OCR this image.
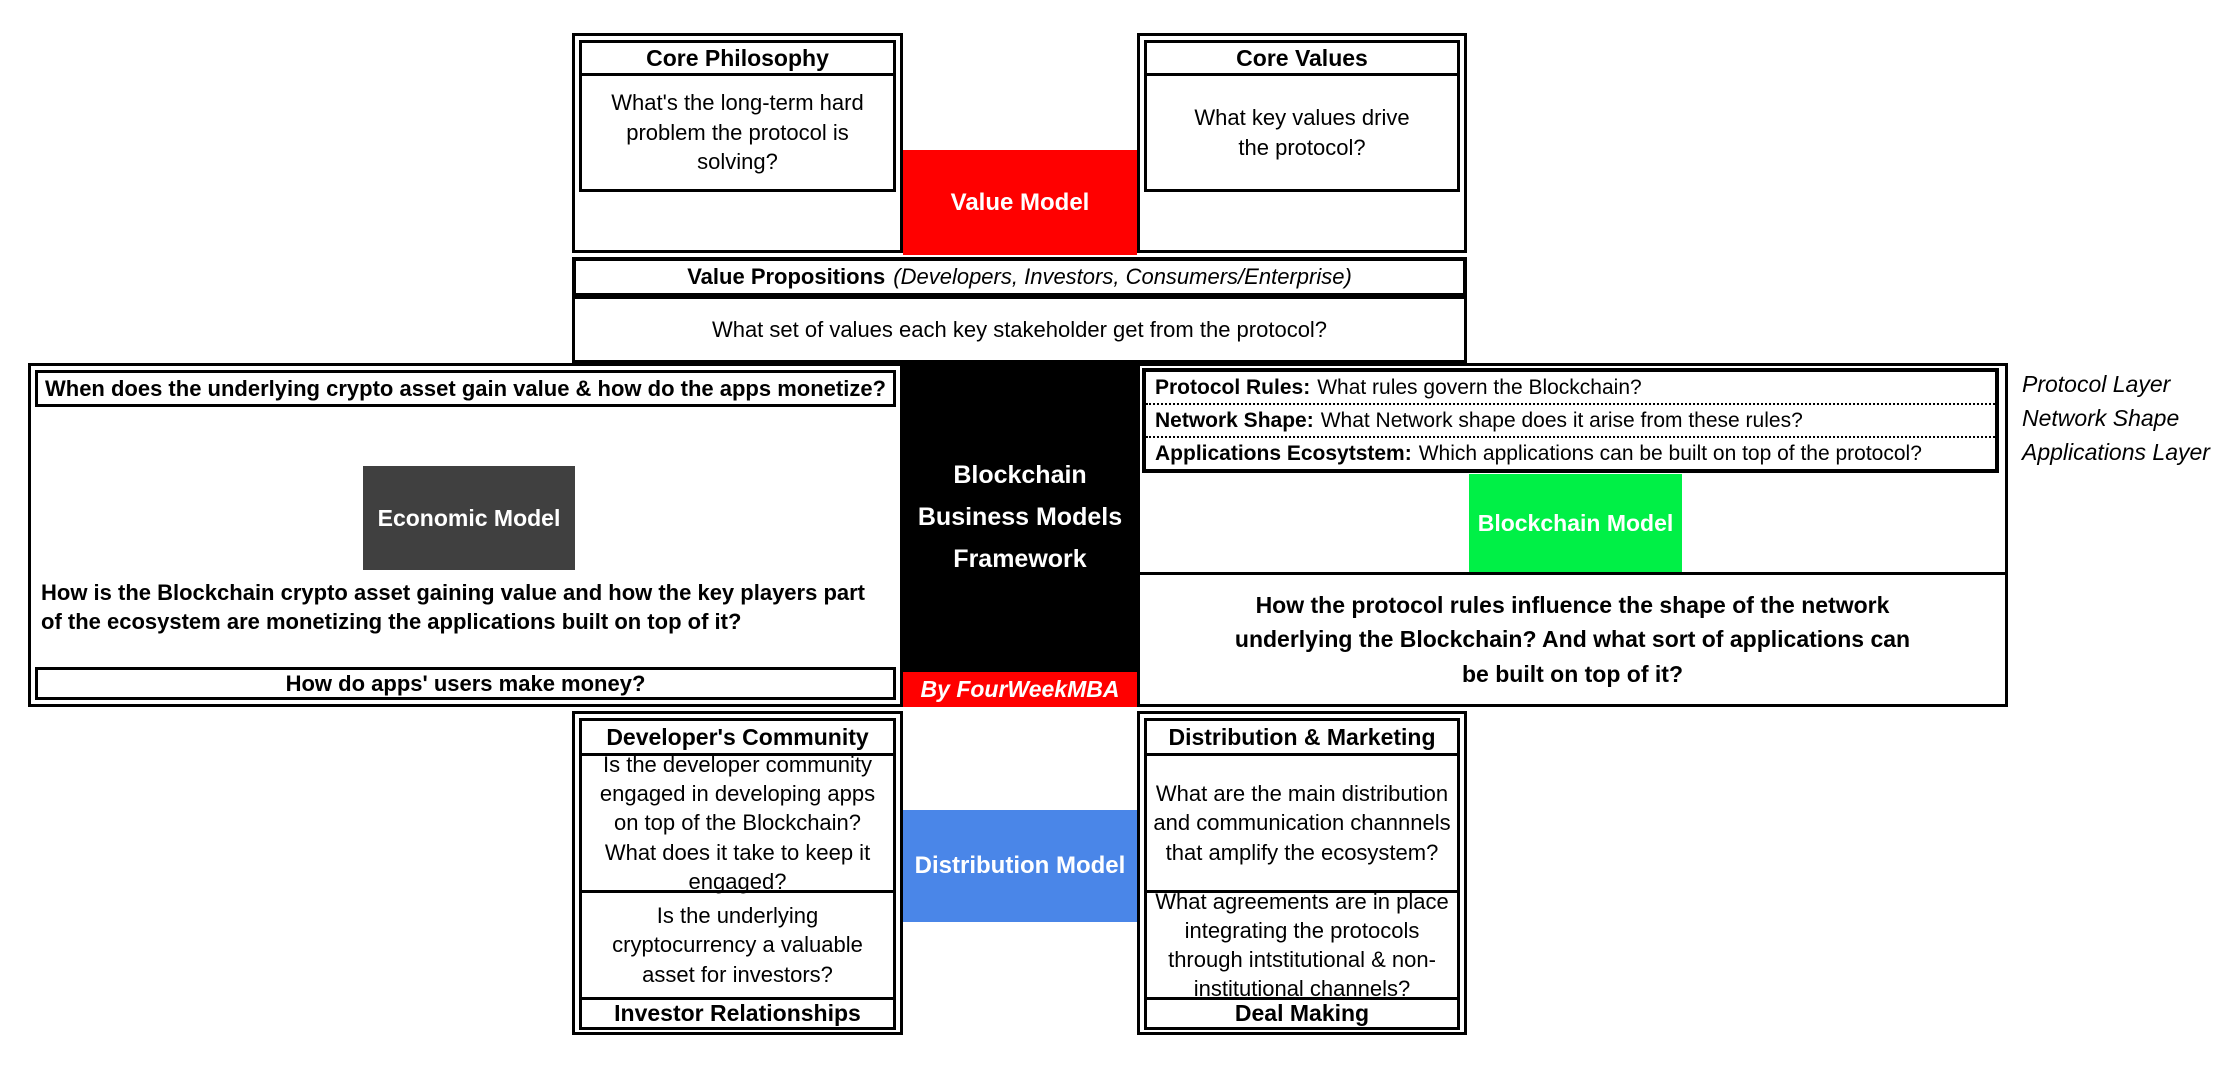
Core Philosophy
What's the long-term hard problem the protocol is solving?
Value Model
Core Values
What key values drive the protocol?
Value Propositions (Developers, Investors, Consumers/Enterprise)
What set of values each key stakeholder get from the protocol?
When does the underlying crypto asset gain value & how do the apps monetize?
Economic Model
How is the Blockchain crypto asset gaining value and how the key players part of the ecosystem are monetizing the applications built on top of it?
How do apps' users make money?
Blockchain
Business Models
Framework
By FourWeekMBA
Protocol Rules: What rules govern the Blockchain?
Network Shape: What Network shape does it arise from these rules?
Applications Ecosytstem: Which applications can be built on top of the protocol?
Blockchain Model
How the protocol rules influence the shape of the network underlying the Blockchain? And what sort of applications can be built on top of it?
Protocol Layer
Network Shape
Applications Layer
Developer's Community
Is the developer community engaged in developing apps on top of the Blockchain? What does it take to keep it engaged?
Is the underlying cryptocurrency a valuable asset for investors?
Investor Relationships
Distribution Model
Distribution & Marketing
What are the main distribution and communication channnels that amplify the ecosystem?
What agreements are in place integrating the protocols through intstitutional & non-institutional channels?
Deal Making
